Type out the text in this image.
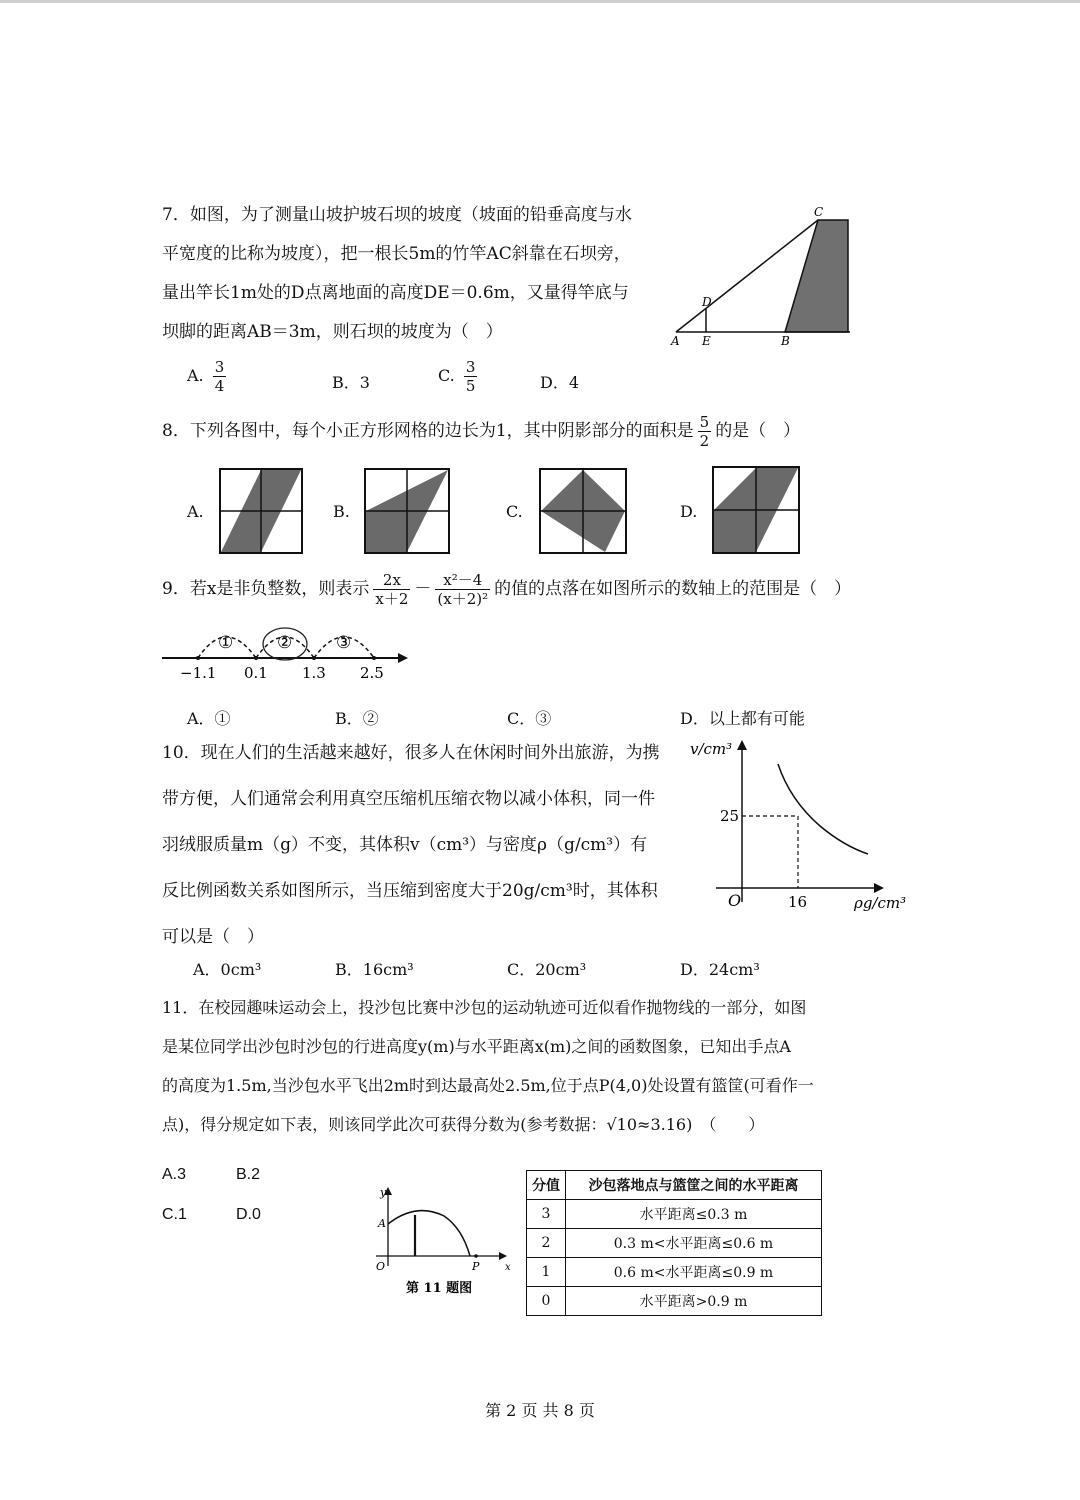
7．如图，为了测量山坡护坡石坝的坡度（坡面的铅垂高度与水
平宽度的比称为坡度），把一根长5m的竹竿AC斜靠在石坝旁，
量出竿长1m处的D点离地面的高度DE＝0.6m，又量得竿底与
坝脚的距离AB＝3m，则石坝的坡度为（　）
A. $\frac{3}{4}$	B．3	C. $\frac{3}{5}$	D．4
C
D
A E	B
8．下列各图中，每个小正方形网格的边长为1，其中阴影部分的面积是 $\frac{5}{2}$ 的是（　）
A.	B.	C.	D.
9．若x是非负整数，则表示 $\frac{2x}{x+2} - \frac{\text{x²－4}}{\text{(x＋2)²}}$ 的值的点落在如图所示的数轴上的范围是（　）
①	②	③
−1.1 0.1 1.3 2.5
A．①	B．②	C．③	D．以上都有可能
10．现在人们的生活越来越好，很多人在休闲时间外出旅游，为携
带方便，人们通常会利用真空压缩机压缩衣物以减小体积，同一件
羽绒服质量m（g）不变，其体积v（cm³）与密度ρ（g/cm³）有
反比例函数关系如图所示，当压缩到密度大于20g/cm³时，其体积
可以是（　）
v/cm³
25
O	16	ρg/cm³
A．0cm³	B．16cm³	C．20cm³	D．24cm³
11．在校园趣味运动会上，投沙包比赛中沙包的运动轨迹可近似看作抛物线的一部分，如图
是某位同学出沙包时沙包的行进高度y(m)与水平距离x(m)之间的函数图象，已知出手点A
的高度为1.5m,当沙包水平飞出2m时到达最高处2.5m,位于点P(4,0)处设置有篮筐(可看作一
点)，得分规定如下表，则该同学此次可获得分数为(参考数据：√10≈3.16)　（　　）
A.3	B.2
C.1	D.0
y
A
O	P	x
第 11 题图
分值	沙包落地点与篮筐之间的水平距离
3	水平距离≤0.3 m
2	0.3 m<水平距离≤0.6 m
1	0.6 m<水平距离≤0.9 m
0	水平距离>0.9 m
第 2 页 共 8 页
